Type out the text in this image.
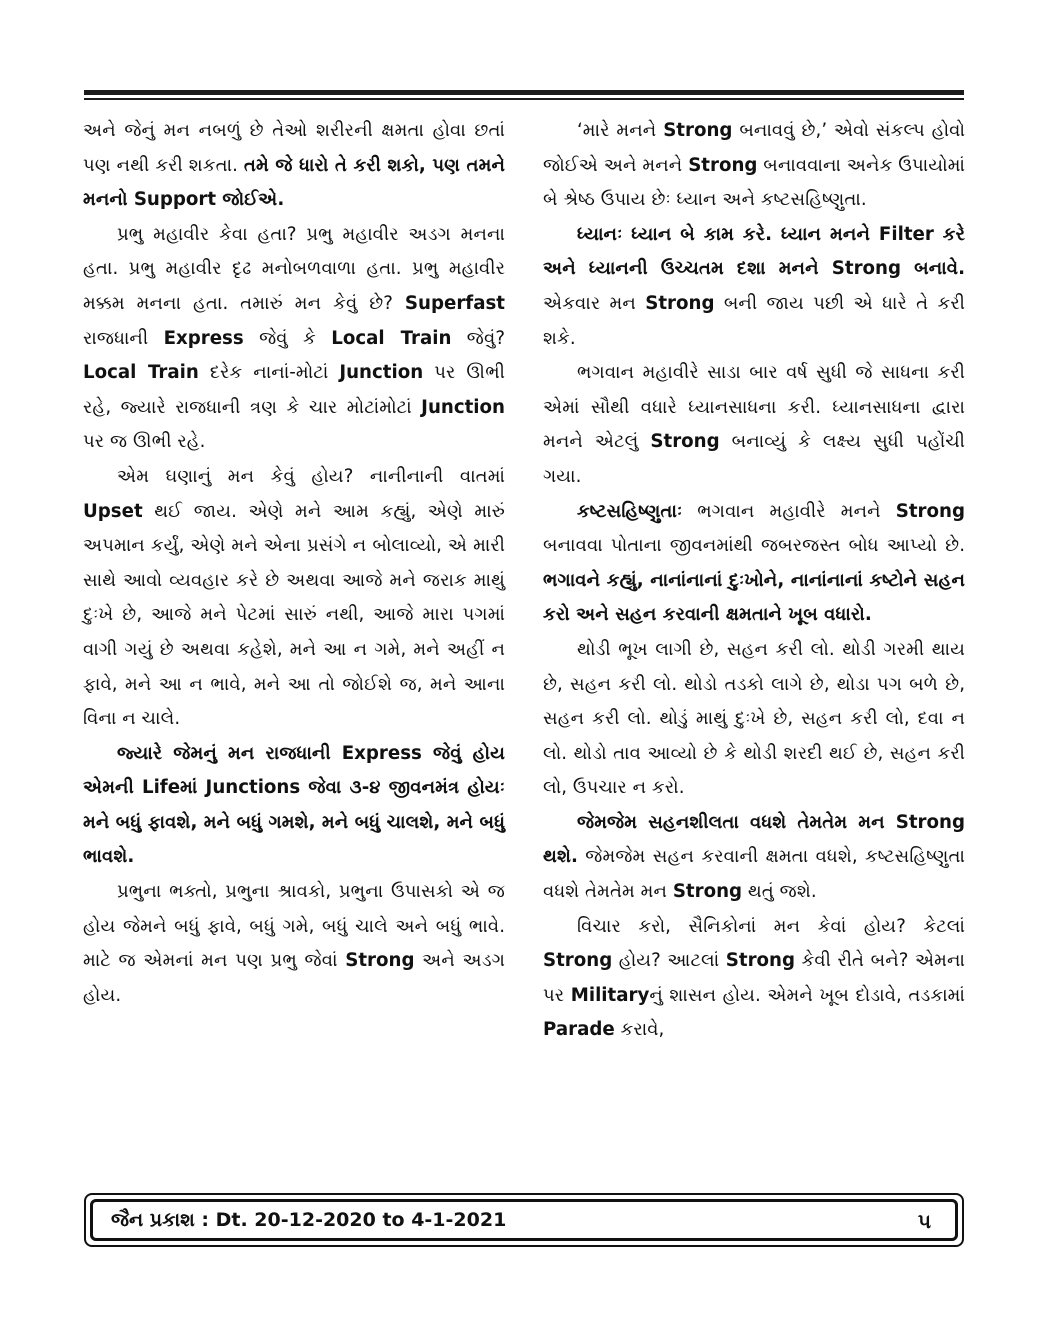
અને જેનું મન નબળું છે તેઓ શરીરની ક્ષમતા હોવા છતાં પણ નથી કરી શકતા. તમે જે ધારો તે કરી શકો, પણ તમને મનનો Support જોઈએ.

પ્રભુ મહાવીર કેવા હતા? પ્રભુ મહાવીર અડગ મનના હતા. પ્રભુ મહાવીર દૃઢ મનોબળવાળા હતા. પ્રભુ મહાવીર મક્કમ મનના હતા. તમારું મન કેવું છે? Superfast રાજધાની Express જેવું કે Local Train જેવું? Local Train દરેક નાનાં-મોટાં Junction પર ઊભી રહે, જ્યારે રાજધાની ત્રણ કે ચાર મોટાંમોટાં Junction પર જ ઊભી રહે.

એમ ઘણાનું મન કેવું હોય? નાનીનાની વાતમાં Upset થઈ જાય. એણે મને આમ કહ્યું, એણે મારું અપમાન કર્યું, એણે મને એના પ્રસંગે ન બોલાવ્યો, એ મારી સાથે આવો વ્યવહાર કરે છે અથવા આજે મને જરાક માથું દુઃખે છે, આજે મને પેટમાં સારું નથી, આજે મારા પગમાં વાગી ગયું છે અથવા કહેશે, મને આ ન ગમે, મને અહીં ન ફાવે, મને આ ન ભાવે, મને આ તો જોઈશે જ, મને આના વિના ન ચાલે.

જ્યારે જેમનું મન રાજધાની Express જેવું હોય એમની Lifeમાં Junctions જેવા ૩-૪ જીવનમંત્ર હોયઃ મને બધું ફાવશે, મને બધું ગમશે, મને બધું ચાલશે, મને બધું ભાવશે.

પ્રભુના ભક્તો, પ્રભુના શ્રાવકો, પ્રભુના ઉપાસકો એ જ હોય જેમને બધું ફાવે, બધું ગમે, બધું ચાલે અને બધું ભાવે. માટે જ એમનાં મન પણ પ્રભુ જેવાં Strong અને અડગ હોય.

‘મારે મનને Strong બનાવવું છે,’ એવો સંકલ્પ હોવો જોઈએ અને મનને Strong બનાવવાના અનેક ઉપાયોમાં બે શ્રેષ્ઠ ઉપાય છેઃ ધ્યાન અને કષ્ટસહિષ્ણુતા.

ધ્યાનઃ ધ્યાન બે કામ કરે. ધ્યાન મનને Filter કરે અને ધ્યાનની ઉચ્ચતમ દશા મનને Strong બનાવે. એકવાર મન Strong બની જાય પછી એ ધારે તે કરી શકે.

ભગવાન મહાવીરે સાડા બાર વર્ષ સુધી જે સાધના કરી એમાં સૌથી વધારે ધ્યાનસાધના કરી. ધ્યાનસાધના દ્વારા મનને એટલું Strong બનાવ્યું કે લક્ષ્ય સુધી પહોંચી ગયા.

કષ્ટસહિષ્ણુતાઃ ભગવાન મહાવીરે મનને Strong બનાવવા પોતાના જીવનમાંથી જબરજસ્ત બોધ આપ્યો છે. ભગાવને કહ્યું, નાનાંનાનાં દુઃખોને, નાનાંનાનાં કષ્ટોને સહન કરો અને સહન કરવાની ક્ષમતાને ખૂબ વધારો.

થોડી ભૂખ લાગી છે, સહન કરી લો. થોડી ગરમી થાય છે, સહન કરી લો. થોડો તડકો લાગે છે, થોડા પગ બળે છે, સહન કરી લો. થોડું માથું દુઃખે છે, સહન કરી લો, દવા ન લો. થોડો તાવ આવ્યો છે કે થોડી શરદી થઈ છે, સહન કરી લો, ઉપચાર ન કરો.

જેમજેમ સહનશીલતા વધશે તેમતેમ મન Strong થશે. જેમજેમ સહન કરવાની ક્ષમતા વધશે, કષ્ટસહિષ્ણુતા વધશે તેમતેમ મન Strong થતું જશે.

વિચાર કરો, સૈનિકોનાં મન કેવાં હોય? કેટલાં Strong હોય? આટલાં Strong કેવી રીતે બને? એમના પર Militaryનું શાસન હોય. એમને ખૂબ દોડાવે, તડકામાં Parade કરાવે,

જૈન પ્રકાશ : Dt. 20-12-2020 to 4-1-2021	૫
